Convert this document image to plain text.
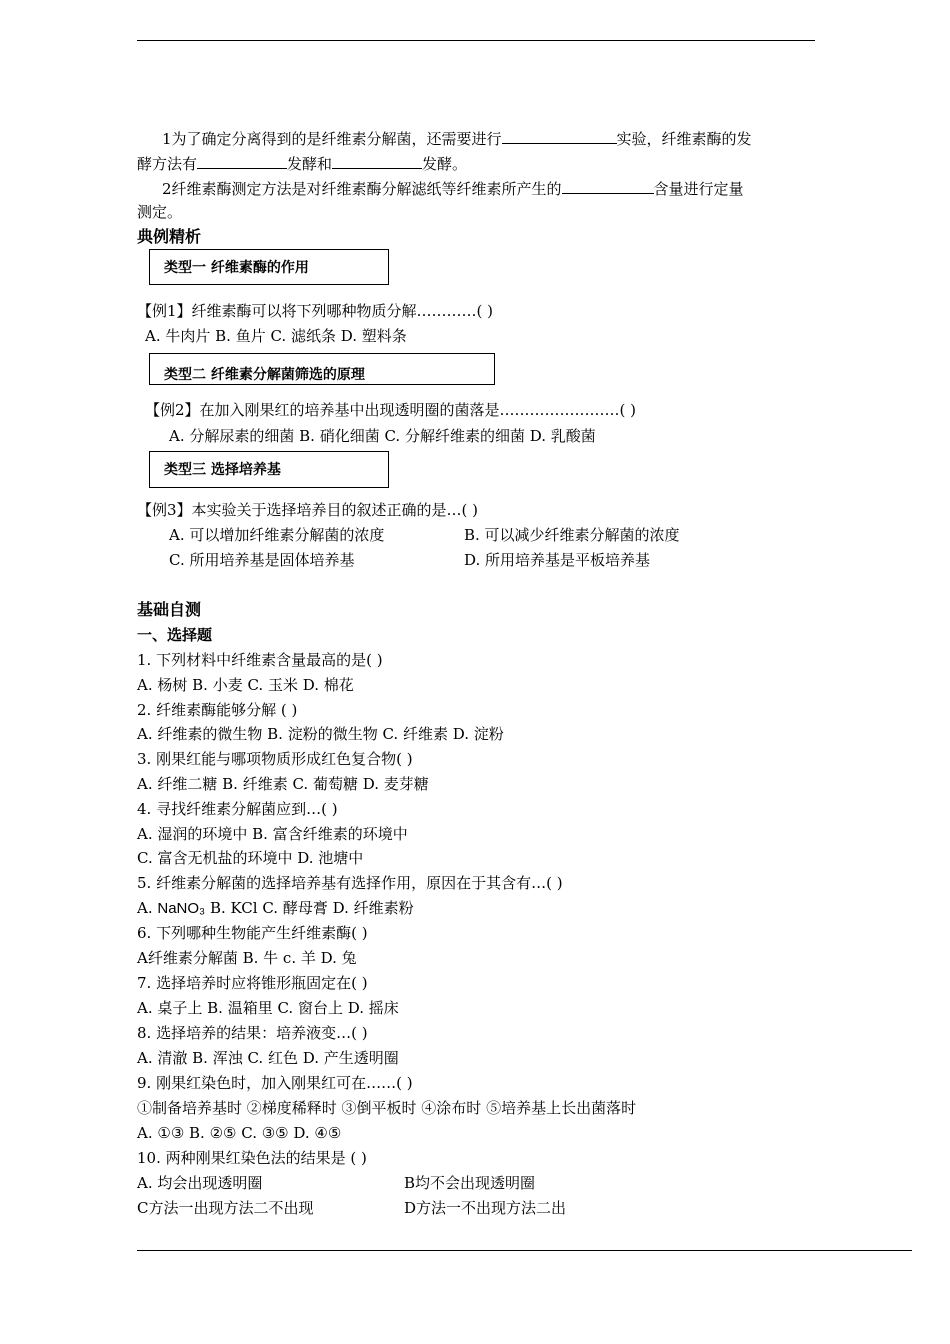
1为了确定分离得到的是纤维素分解菌，还需要进行	实验，纤维素酶的发
酵方法有	发酵和	发酵。
2纤维素酶测定方法是对纤维素酶分解滤纸等纤维素所产生的	含量进行定量
测定。
典例精析
类型一 纤维素酶的作用
【例1】纤维素酶可以将下列哪种物质分解…………( )
A. 牛肉片 B. 鱼片 C. 滤纸条 D. 塑料条
类型二 纤维素分解菌筛选的原理
【例2】在加入刚果红的培养基中出现透明圈的菌落是……………………( )
A. 分解尿素的细菌 B. 硝化细菌 C. 分解纤维素的细菌 D. 乳酸菌
类型三 选择培养基
【例3】本实验关于选择培养目的叙述正确的是…( )
A. 可以增加纤维素分解菌的浓度	B. 可以减少纤维素分解菌的浓度
C. 所用培养基是固体培养基	D. 所用培养基是平板培养基
基础自测
一、选择题
1. 下列材料中纤维素含量最高的是( )
A. 杨树 B. 小麦 C. 玉米 D. 棉花
2. 纤维素酶能够分解 ( )
A. 纤维素的微生物 B. 淀粉的微生物 C. 纤维素 D. 淀粉
3. 刚果红能与哪项物质形成红色复合物( )
A. 纤维二糖 B. 纤维素 C. 葡萄糖 D. 麦芽糖
4. 寻找纤维素分解菌应到…( )
A. 湿润的环境中 B. 富含纤维素的环境中
C. 富含无机盐的环境中 D. 池塘中
5. 纤维素分解菌的选择培养基有选择作用，原因在于其含有…( )
A. NaNO₃ B. KCl C. 酵母膏 D. 纤维素粉
6. 下列哪种生物能产生纤维素酶( )
A纤维素分解菌 B. 牛 c. 羊 D. 兔
7. 选择培养时应将锥形瓶固定在( )
A. 桌子上 B. 温箱里 C. 窗台上 D. 摇床
8. 选择培养的结果：培养液变…( )
A. 清澈 B. 浑浊 C. 红色 D. 产生透明圈
9. 刚果红染色时，加入刚果红可在……( )
①制备培养基时 ②梯度稀释时 ③倒平板时 ④涂布时 ⑤培养基上长出菌落时
A. ①③ B. ②⑤ C. ③⑤ D. ④⑤
10. 两种刚果红染色法的结果是 ( )
A. 均会出现透明圈	B均不会出现透明圈
C方法一出现方法二不出现	D方法一不出现方法二出
